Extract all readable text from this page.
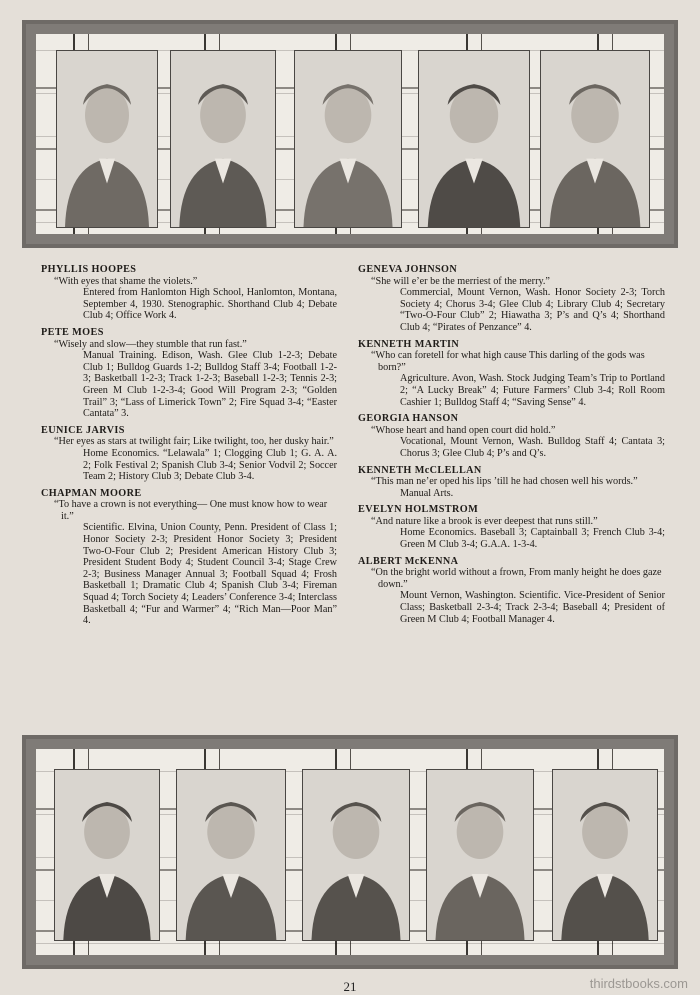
PHYLLIS HOOPES
“With eyes that shame the violets.”
Entered from Hanlomton High School, Hanlomton, Montana, September 4, 1930. Stenographic. Shorthand Club 4; Debate Club 4; Office Work 4.
PETE MOES
“Wisely and slow—they stumble that run fast.”
Manual Training. Edison, Wash. Glee Club 1-2-3; Debate Club 1; Bulldog Guards 1-2; Bulldog Staff 3-4; Football 1-2-3; Basketball 1-2-3; Track 1-2-3; Baseball 1-2-3; Tennis 2-3; Green M Club 1-2-3-4; Good Will Program 2-3; “Golden Trail” 3; “Lass of Limerick Town” 2; Fire Squad 3-4; “Easter Cantata” 3.
EUNICE JARVIS
“Her eyes as stars at twilight fair; Like twilight, too, her dusky hair.”
Home Economics. “Lelawala” 1; Clogging Club 1; G. A. A. 2; Folk Festival 2; Spanish Club 3-4; Senior Vodvil 2; Soccer Team 2; History Club 3; Debate Club 3-4.
CHAPMAN MOORE
“To have a crown is not everything— One must know how to wear it.”
Scientific. Elvina, Union County, Penn. President of Class 1; Honor Society 2-3; President Honor Society 3; President Two-O-Four Club 2; President American History Club 3; President Student Body 4; Student Council 3-4; Stage Crew 2-3; Business Manager Annual 3; Football Squad 4; Frosh Basketball 1; Dramatic Club 4; Spanish Club 3-4; Fireman Squad 4; Torch Society 4; Leaders’ Conference 3-4; Interclass Basketball 4; “Fur and Warmer” 4; “Rich Man—Poor Man” 4.
GENEVA JOHNSON
“She will e’er be the merriest of the merry.”
Commercial, Mount Vernon, Wash. Honor Society 2-3; Torch Society 4; Chorus 3-4; Glee Club 4; Library Club 4; Secretary “Two-O-Four Club” 2; Hiawatha 3; P’s and Q’s 4; Shorthand Club 4; “Pirates of Penzance” 4.
KENNETH MARTIN
“Who can foretell for what high cause This darling of the gods was born?”
Agriculture. Avon, Wash. Stock Judging Team’s Trip to Portland 2; “A Lucky Break” 4; Future Farmers’ Club 3-4; Roll Room Cashier 1; Bulldog Staff 4; “Saving Sense” 4.
GEORGIA HANSON
“Whose heart and hand open court did hold.”
Vocational, Mount Vernon, Wash. Bulldog Staff 4; Cantata 3; Chorus 3; Glee Club 4; P’s and Q’s.
KENNETH McCLELLAN
“This man ne’er oped his lips ’till he had chosen well his words.”
Manual Arts.
EVELYN HOLMSTROM
“And nature like a brook is ever deepest that runs still.”
Home Economics. Baseball 3; Captainball 3; French Club 3-4; Green M Club 3-4; G.A.A. 1-3-4.
ALBERT McKENNA
“On the bright world without a frown, From manly height he does gaze down.”
Mount Vernon, Washington. Scientific. Vice-President of Senior Class; Basketball 2-3-4; Track 2-3-4; Baseball 4; President of Green M Club 4; Football Manager 4.
21	thirdstbooks.com
